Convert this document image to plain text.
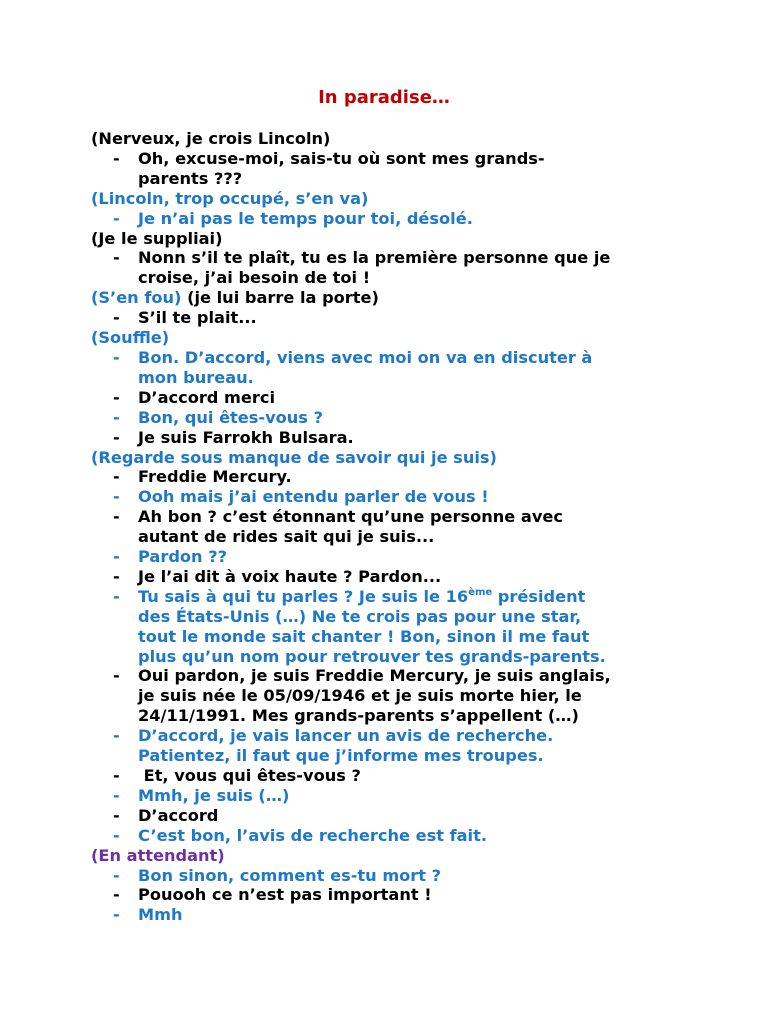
In paradise…
(Nerveux, je crois Lincoln)
- Oh, excuse-moi, sais-tu où sont mes grands-
parents ???
(Lincoln, trop occupé, s’en va)
- Je n’ai pas le temps pour toi, désolé.
(Je le suppliai)
- Nonn s’il te plaît, tu es la première personne que je
croise, j’ai besoin de toi !
(S’en fou) (je lui barre la porte)
- S’il te plait...
(Souffle)
- Bon. D’accord, viens avec moi on va en discuter à
mon bureau.
- D’accord merci
- Bon, qui êtes-vous ?
- Je suis Farrokh Bulsara.
(Regarde sous manque de savoir qui je suis)
- Freddie Mercury.
- Ooh mais j’ai entendu parler de vous !
- Ah bon ? c’est étonnant qu’une personne avec
autant de rides sait qui je suis...
- Pardon ??
- Je l’ai dit à voix haute ? Pardon...
- Tu sais à qui tu parles ? Je suis le 16ème président
des États-Unis (…) Ne te crois pas pour une star,
tout le monde sait chanter ! Bon, sinon il me faut
plus qu’un nom pour retrouver tes grands-parents.
- Oui pardon, je suis Freddie Mercury, je suis anglais,
je suis née le 05/09/1946 et je suis morte hier, le
24/11/1991. Mes grands-parents s’appellent (…)
- D’accord, je vais lancer un avis de recherche.
Patientez, il faut que j’informe mes troupes.
- Et, vous qui êtes-vous ?
- Mmh, je suis (…)
- D’accord
- C’est bon, l’avis de recherche est fait.
(En attendant)
- Bon sinon, comment es-tu mort ?
- Pouooh ce n’est pas important !
- Mmh
